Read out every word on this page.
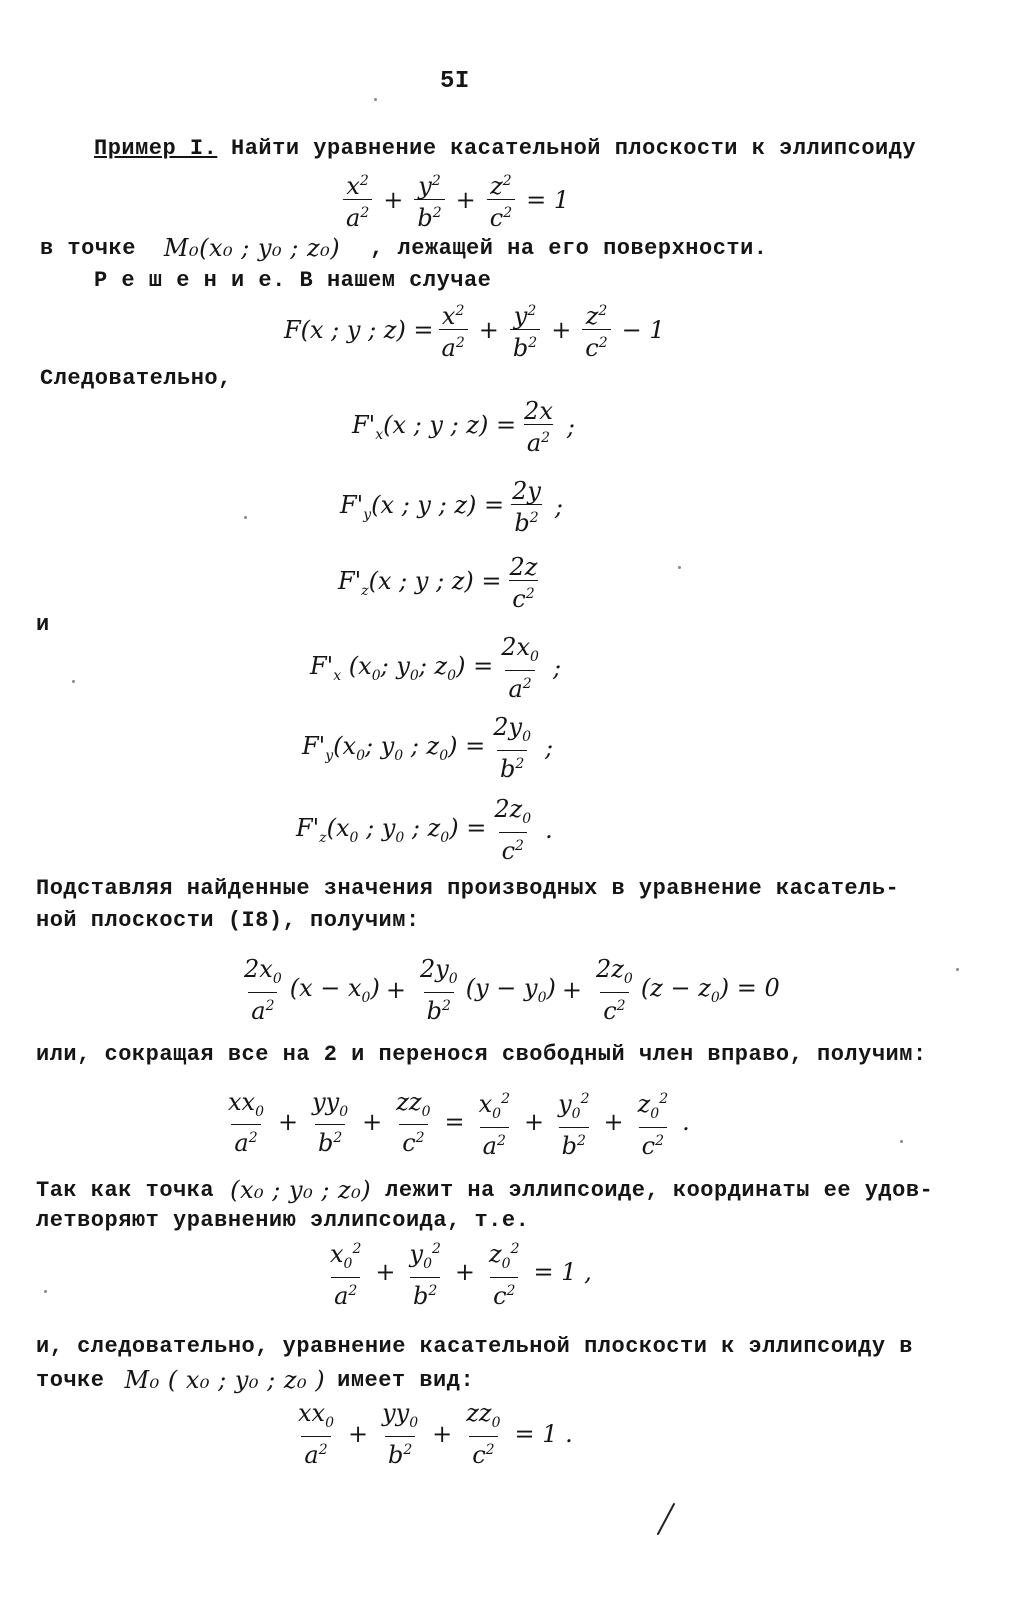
5I
Пример I. Найти уравнение касательной плоскости к эллипсоиду
$\frac{x^2}{a^2} + \frac{y^2}{b^2} + \frac{z^2}{c^2} = 1$
в точке M₀(x₀ ; y₀ ; z₀) , лежащей на его поверхности.
Р е ш е н и е. В нашем случае
F(x ; y ; $z) = \frac{x^2}{a^2} + \frac{y^2}{b^2} + \frac{z^2}{c^2} - 1$
Следовательно,
$F'_x(x$ ; y ; $z) = \frac{2x}{a^2}$ ;
$F'_y(x$ ; y ; $z) = \frac{2y}{b^2}$ ;
$F'_z(x$ ; y ; $z) = \frac{2z}{c^2}$
и
$F'_x$ ($x_0$; $y_0$; $z_0) = \frac{2x_0}{a^2}$ ;
$F'_y(x_0$; $y_0$ ; $z_0) = \frac{2y_0}{b^2}$ ;
$F'_z(x_0$ ; $y_0$ ; $z_0) = \frac{2z_0}{c^2}$ .
Подставляя найденные значения производных в уравнение касатель-
ной плоскости (I8), получим:
$\frac{2x_0}{a^2} (x - x_0) + \frac{2y_0}{b^2} (y - y_0) + \frac{2z_0}{c^2} (z - z_0) = 0$
или, сокращая все на 2 и перенося свободный член вправо, получим:
$\frac{xx_0}{a^2} + \frac{yy_0}{b^2} + \frac{zz_0}{c^2} = \frac{x_0^2}{a^2} + \frac{y_0^2}{b^2} + \frac{z_0^2}{c^2}$ .
Так как точка (x₀ ; y₀ ; z₀) лежит на эллипсоиде, координаты ее удов-
летворяют уравнению эллипсоида, т.е.
$\frac{x_0^2}{a^2} + \frac{y_0^2}{b^2} + \frac{z_0^2}{c^2} = 1$ ,
и, следовательно, уравнение касательной плоскости к эллипсоиду в
точке M₀ ( x₀ ; y₀ ; z₀ ) имеет вид:
$\frac{xx_0}{a^2} + \frac{yy_0}{b^2} + \frac{zz_0}{c^2} = 1$ .
